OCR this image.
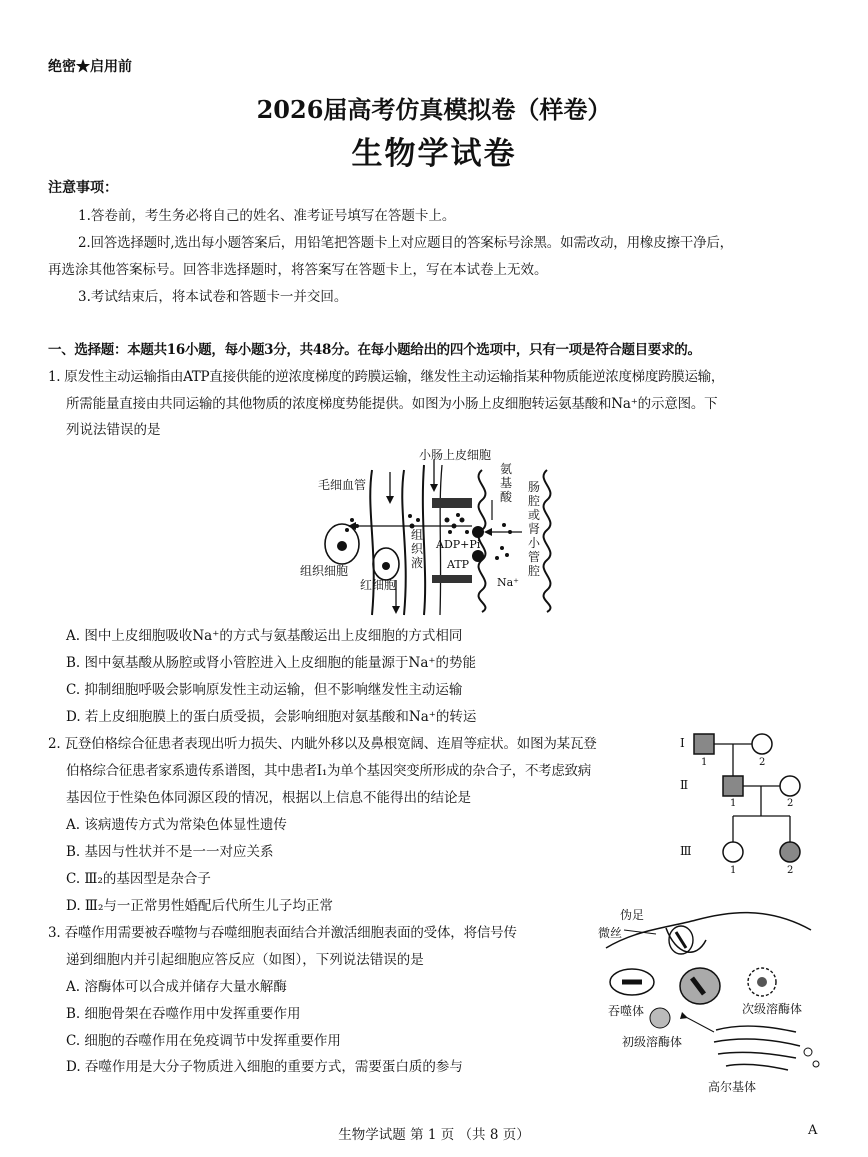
绝密★启用前
2026届高考仿真模拟卷（样卷）
生物学试卷
注意事项：
1.答卷前，考生务必将自己的姓名、准考证号填写在答题卡上。
2.回答选择题时,选出每小题答案后，用铅笔把答题卡上对应题目的答案标号涂黑。如需改动，用橡皮擦干净后，
再选涂其他答案标号。回答非选择题时，将答案写在答题卡上，写在本试卷上无效。
3.考试结束后，将本试卷和答题卡一并交回。
一、选择题：本题共16小题，每小题3分，共48分。在每小题给出的四个选项中，只有一项是符合题目要求的。
1. 原发性主动运输指由ATP直接供能的逆浓度梯度的跨膜运输，继发性主动运输指某种物质能逆浓度梯度跨膜运输，
所需能量直接由共同运输的其他物质的浓度梯度势能提供。如图为小肠上皮细胞转运氨基酸和Na⁺的示意图。下
列说法错误的是
小肠上皮细胞
毛细血管
氨
基
酸
肠
腔
或
肾
小
管
腔
组织细胞
红细胞
组
织
液
ADP+Pi
ATP
Na⁺
A. 图中上皮细胞吸收Na⁺的方式与氨基酸运出上皮细胞的方式相同
B. 图中氨基酸从肠腔或肾小管腔进入上皮细胞的能量源于Na⁺的势能
C. 抑制细胞呼吸会影响原发性主动运输，但不影响继发性主动运输
D. 若上皮细胞膜上的蛋白质受损，会影响细胞对氨基酸和Na⁺的转运
2. 瓦登伯格综合征患者表现出听力损失、内眦外移以及鼻根宽阔、连眉等症状。如图为某瓦登
伯格综合征患者家系遗传系谱图，其中患者Ⅰ₁为单个基因突变所形成的杂合子，不考虑致病
基因位于性染色体同源区段的情况，根据以上信息不能得出的结论是
A. 该病遗传方式为常染色体显性遗传
B. 基因与性状并不是一一对应关系
C. Ⅲ₂的基因型是杂合子
D. Ⅲ₂与一正常男性婚配后代所生儿子均正常
Ⅰ
Ⅱ
Ⅲ
1	2
1	2
1	2
3. 吞噬作用需要被吞噬物与吞噬细胞表面结合并激活细胞表面的受体，将信号传
递到细胞内并引起细胞应答反应（如图），下列说法错误的是
A. 溶酶体可以合成并储存大量水解酶
B. 细胞骨架在吞噬作用中发挥重要作用
C. 细胞的吞噬作用在免疫调节中发挥重要作用
D. 吞噬作用是大分子物质进入细胞的重要方式，需要蛋白质的参与
伪足
微丝
吞噬体	次级溶酶体
初级溶酶体
高尔基体
生物学试题 第 1 页 （共 8 页）	A
